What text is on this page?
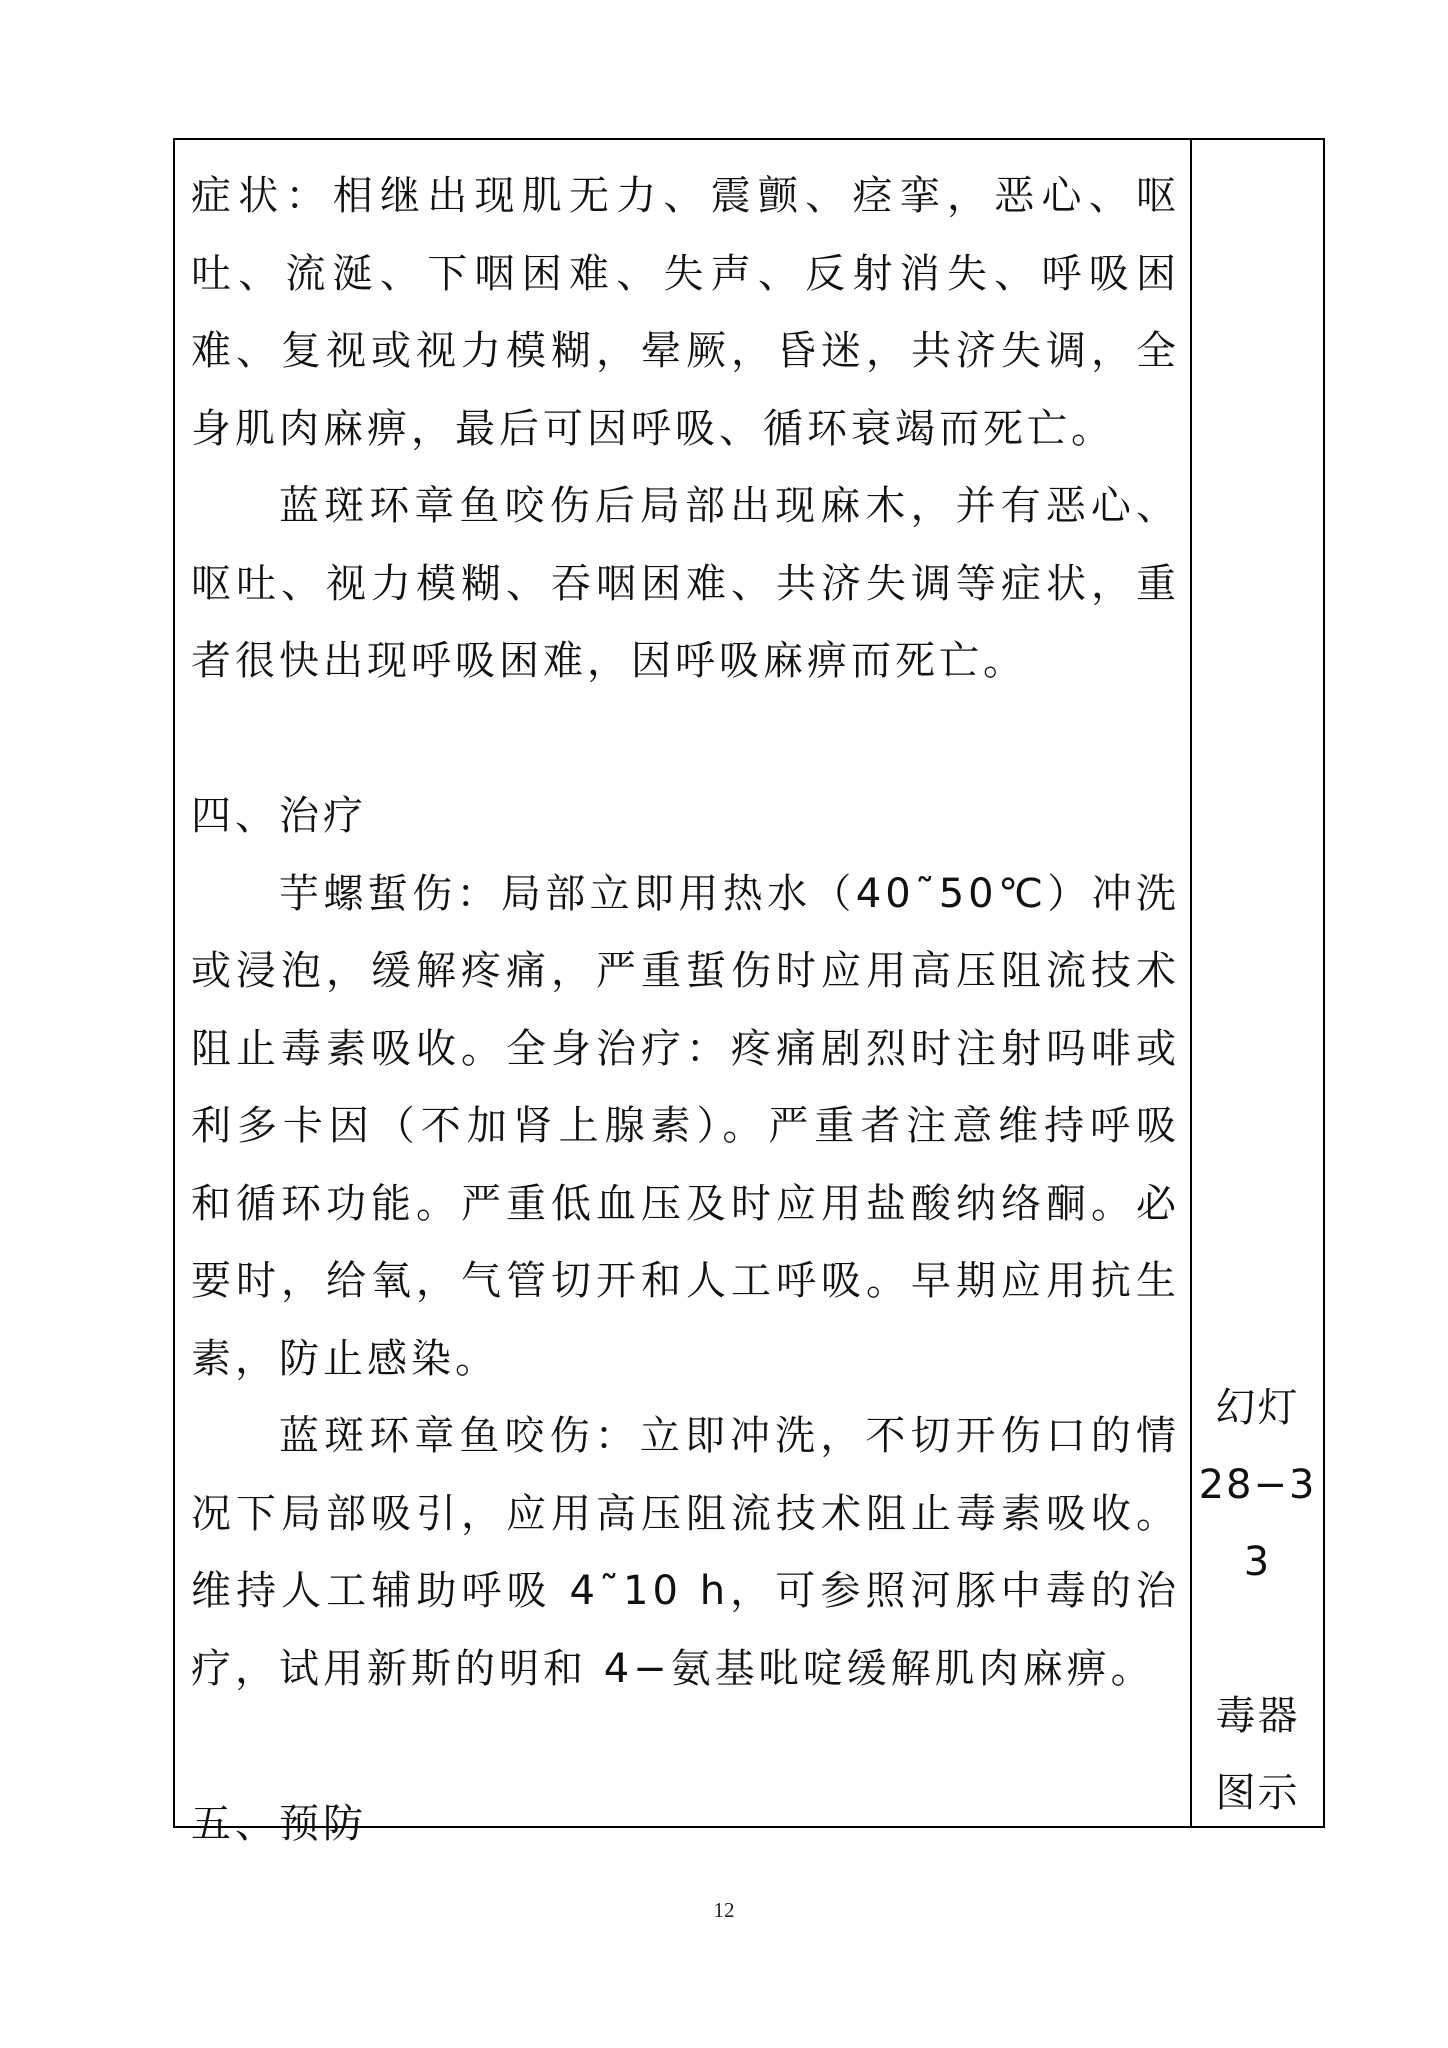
症状：相继出现肌无力、震颤、痉挛，恶心、呕吐、流涎、下咽困难、失声、反射消失、呼吸困难、复视或视力模糊，晕厥，昏迷，共济失调，全身肌肉麻痹，最后可因呼吸、循环衰竭而死亡。

蓝斑环章鱼咬伤后局部出现麻木，并有恶心、呕吐、视力模糊、吞咽困难、共济失调等症状，重者很快出现呼吸困难，因呼吸麻痹而死亡。

四、治疗

芋螺蜇伤：局部立即用热水（40˜50℃）冲洗或浸泡，缓解疼痛，严重蜇伤时应用高压阻流技术阻止毒素吸收。全身治疗：疼痛剧烈时注射吗啡或利多卡因（不加肾上腺素）。严重者注意维持呼吸和循环功能。严重低血压及时应用盐酸纳络酮。必要时，给氧，气管切开和人工呼吸。早期应用抗生素，防止感染。

蓝斑环章鱼咬伤：立即冲洗，不切开伤口的情况下局部吸引，应用高压阻流技术阻止毒素吸收。维持人工辅助呼吸 4˜10 h，可参照河豚中毒的治疗，试用新斯的明和 4−氨基吡啶缓解肌肉麻痹。

五、预防

幻灯
28−3
3
毒器
图示
12
